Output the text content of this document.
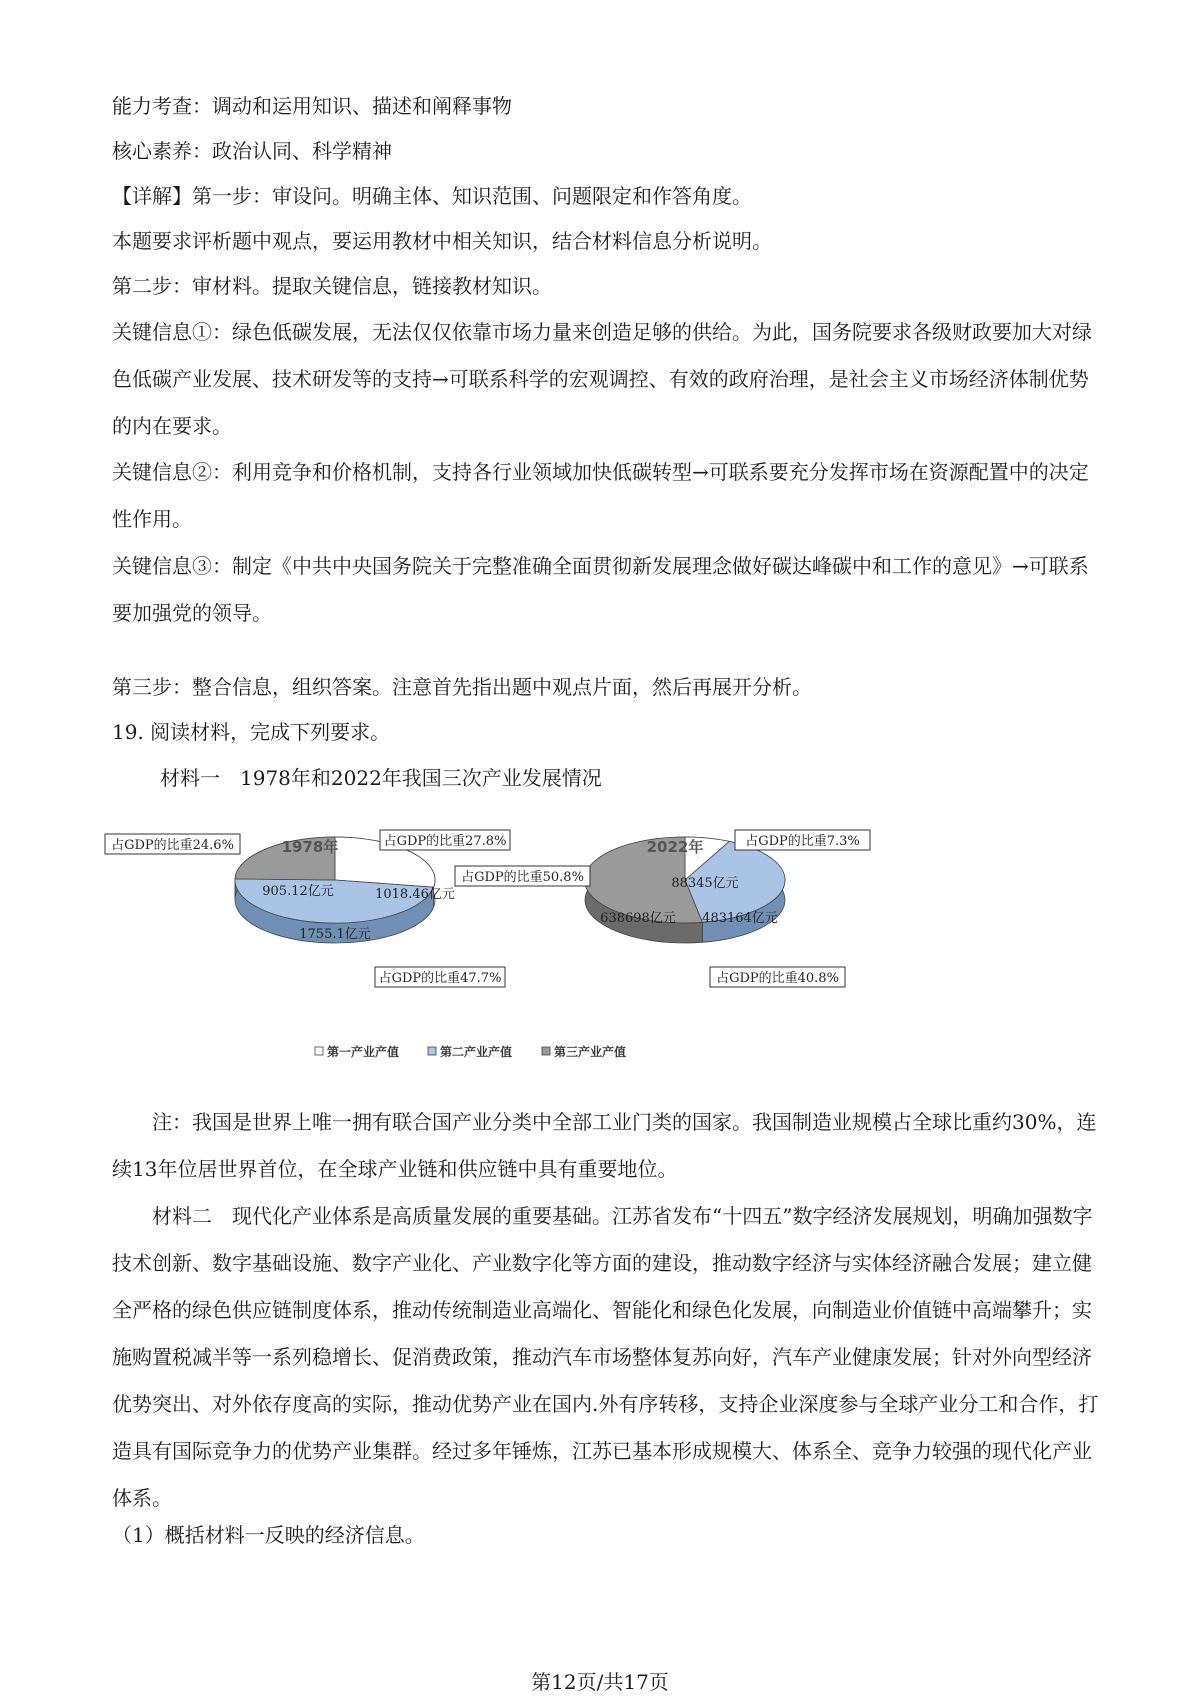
能力考查：调动和运用知识、描述和阐释事物
核心素养：政治认同、科学精神
【详解】第一步：审设问。明确主体、知识范围、问题限定和作答角度。
本题要求评析题中观点，要运用教材中相关知识，结合材料信息分析说明。
第二步：审材料。提取关键信息，链接教材知识。
关键信息①：绿色低碳发展，无法仅仅依靠市场力量来创造足够的供给。为此，国务院要求各级财政要加大对绿色低碳产业发展、技术研发等的支持→可联系科学的宏观调控、有效的政府治理，是社会主义市场经济体制优势的内在要求。
关键信息②：利用竞争和价格机制，支持各行业领域加快低碳转型→可联系要充分发挥市场在资源配置中的决定性作用。
关键信息③：制定《中共中央国务院关于完整准确全面贯彻新发展理念做好碳达峰碳中和工作的意见》→可联系要加强党的领导。
第三步：整合信息，组织答案。注意首先指出题中观点片面，然后再展开分析。
19. 阅读材料，完成下列要求。
材料一　1978年和2022年我国三次产业发展情况
1978年
1018.46亿元
1755.1亿元
905.12亿元
占GDP的比重27.8%
占GDP的比重47.7%
占GDP的比重24.6%	2022年
88345亿元
483164亿元
638698亿元
占GDP的比重7.3%
占GDP的比重40.8%
占GDP的比重50.8%
第一产业产值	第二产业产值	第三产业产值
注：我国是世界上唯一拥有联合国产业分类中全部工业门类的国家。我国制造业规模占全球比重约30%，连续13年位居世界首位，在全球产业链和供应链中具有重要地位。
材料二　现代化产业体系是高质量发展的重要基础。江苏省发布“十四五”数字经济发展规划，明确加强数字技术创新、数字基础设施、数字产业化、产业数字化等方面的建设，推动数字经济与实体经济融合发展；建立健全严格的绿色供应链制度体系，推动传统制造业高端化、智能化和绿色化发展，向制造业价值链中高端攀升；实施购置税减半等一系列稳增长、促消费政策，推动汽车市场整体复苏向好，汽车产业健康发展；针对外向型经济优势突出、对外依存度高的实际，推动优势产业在国内.外有序转移，支持企业深度参与全球产业分工和合作，打造具有国际竞争力的优势产业集群。经过多年锤炼，江苏已基本形成规模大、体系全、竞争力较强的现代化产业体系。
（1）概括材料一反映的经济信息。
第12页/共17页
